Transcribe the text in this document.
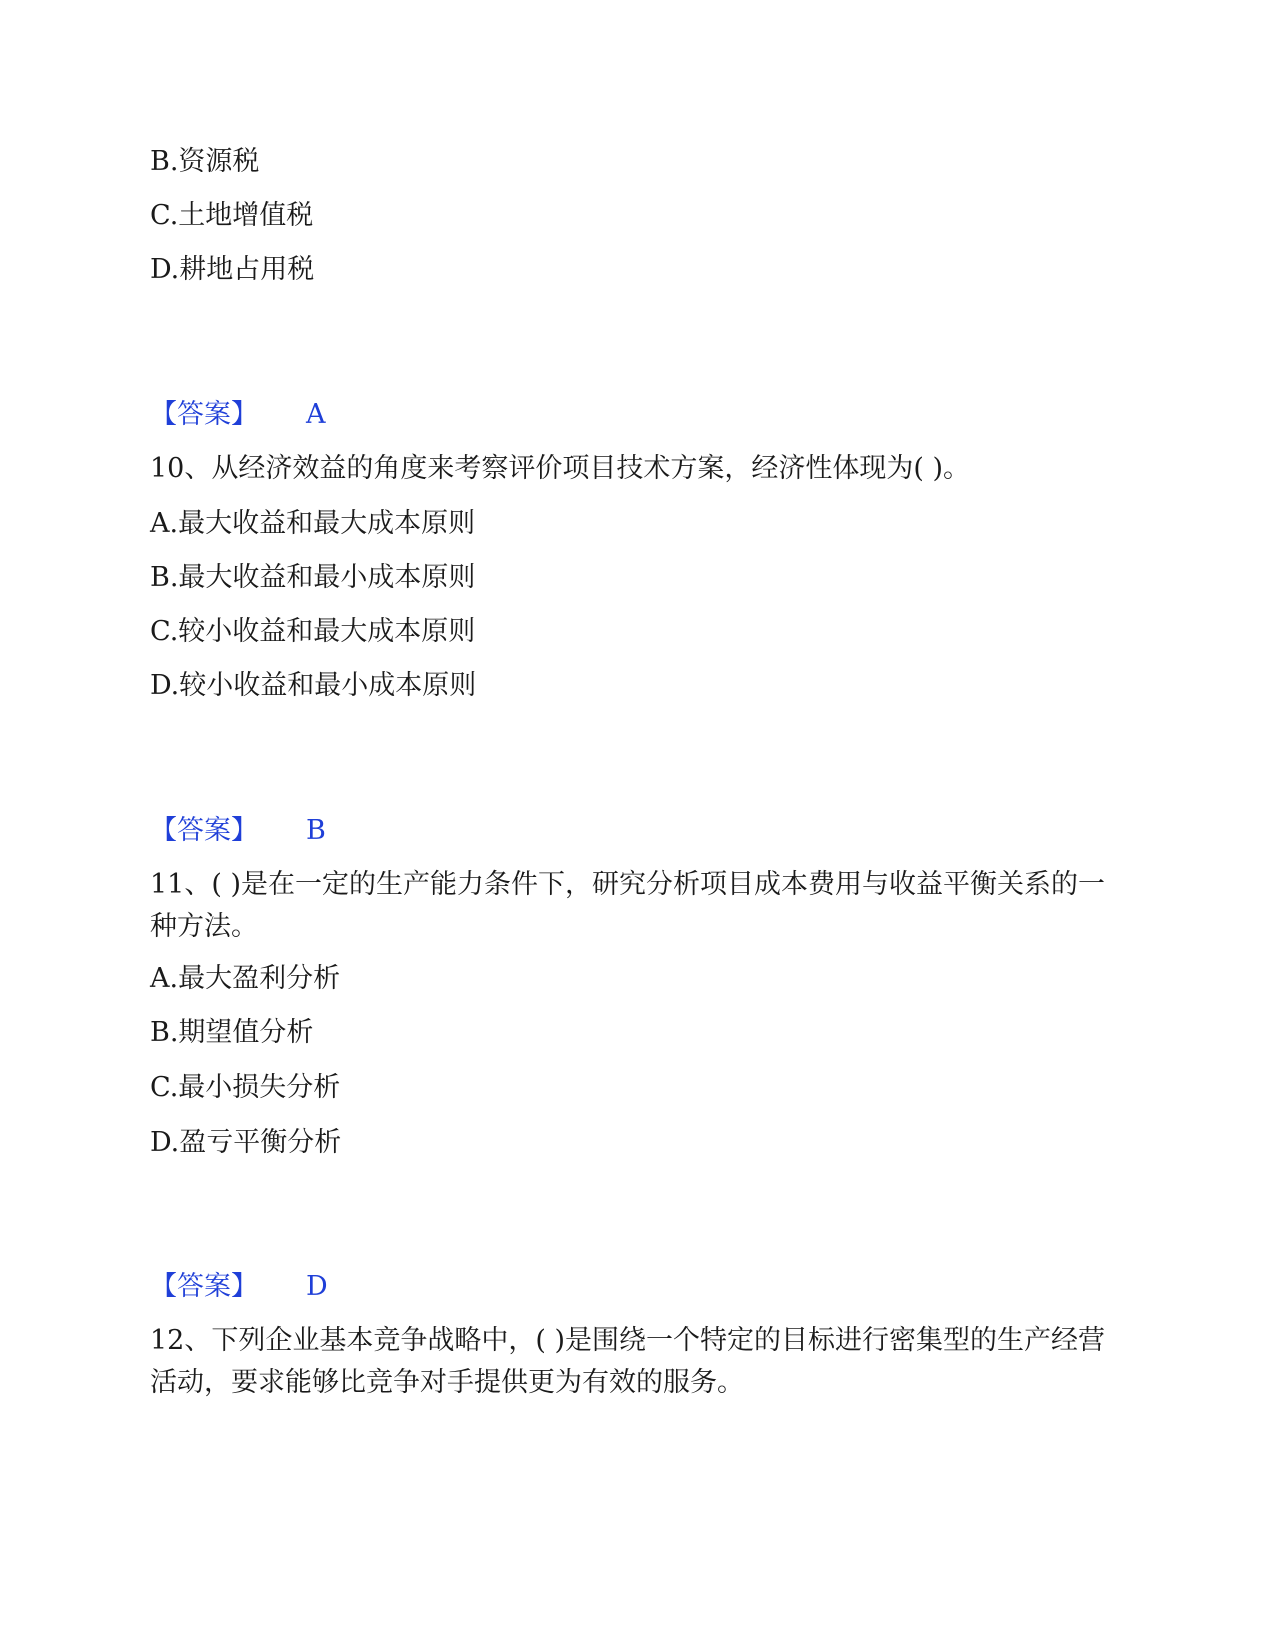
B.资源税
C.土地增值税
D.耕地占用税
【答案】 A
10、从经济效益的角度来考察评价项目技术方案，经济性体现为( )。
A.最大收益和最大成本原则
B.最大收益和最小成本原则
C.较小收益和最大成本原则
D.较小收益和最小成本原则
【答案】 B
11、( )是在一定的生产能力条件下，研究分析项目成本费用与收益平衡关系的一种方法。
A.最大盈利分析
B.期望值分析
C.最小损失分析
D.盈亏平衡分析
【答案】 D
12、下列企业基本竞争战略中，( )是围绕一个特定的目标进行密集型的生产经营活动，要求能够比竞争对手提供更为有效的服务。
